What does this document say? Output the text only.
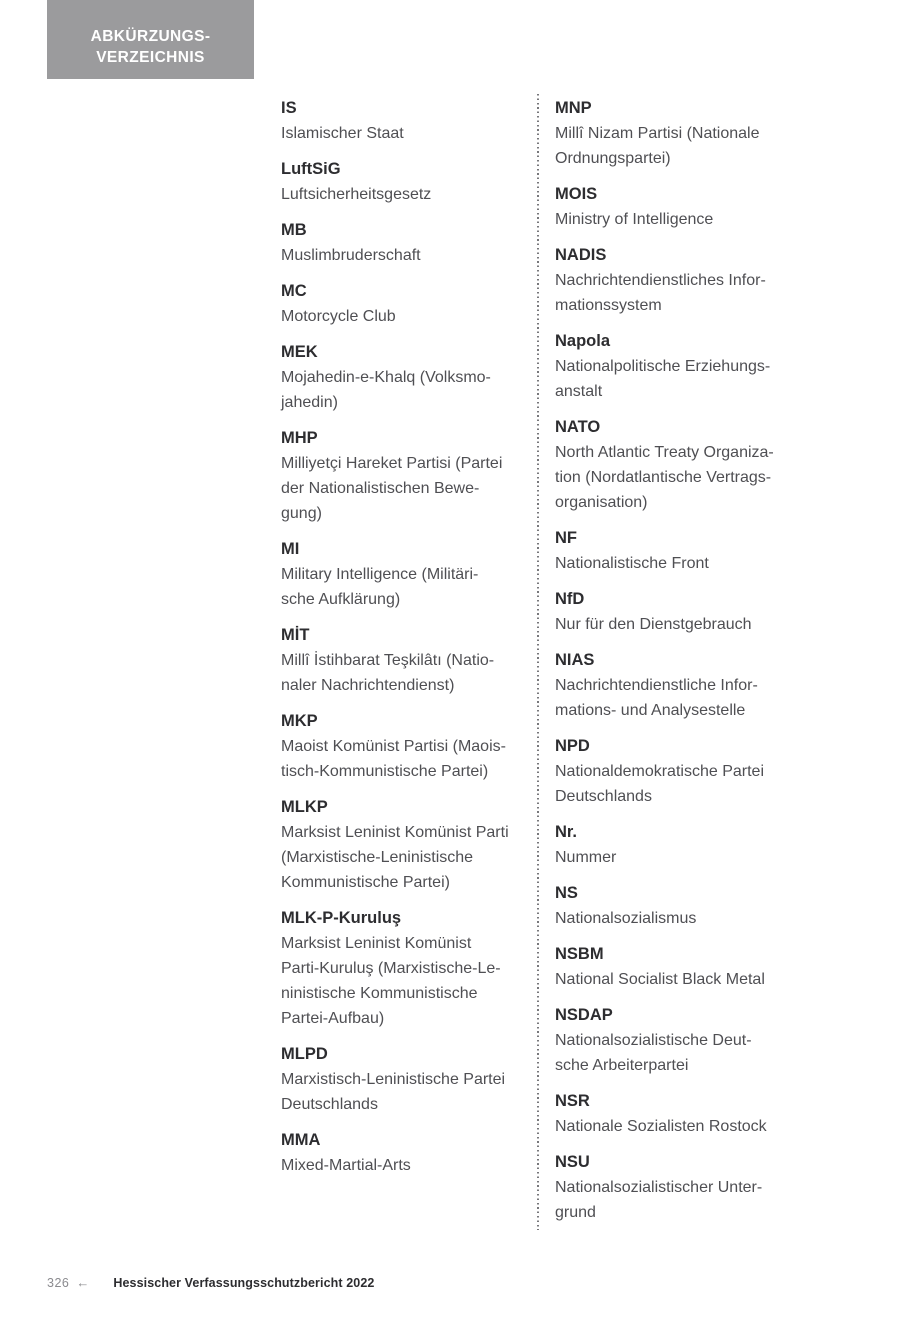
ABKÜRZUNGS-
VERZEICHNIS
IS
Islamischer Staat
LuftSiG
Luftsicherheitsgesetz
MB
Muslimbruderschaft
MC
Motorcycle Club
MEK
Mojahedin-e-Khalq (Volksmo-
jahedin)
MHP
Milliyetçi Hareket Partisi (Partei
der Nationalistischen Bewe-
gung)
MI
Military Intelligence (Militäri-
sche Aufklärung)
MİT
Millî İstihbarat Teşkilâtı (Natio-
naler Nachrichtendienst)
MKP
Maoist Komünist Partisi (Maois-
tisch-Kommunistische Partei)
MLKP
Marksist Leninist Komünist Parti
(Marxistische-Leninistische
Kommunistische Partei)
MLK-P-Kuruluş
Marksist Leninist Komünist
Parti-Kuruluş (Marxistische-Le-
ninistische Kommunistische
Partei-Aufbau)
MLPD
Marxistisch-Leninistische Partei
Deutschlands
MMA
Mixed-Martial-Arts
MNP
Millî Nizam Partisi (Nationale
Ordnungspartei)
MOIS
Ministry of Intelligence
NADIS
Nachrichtendienstliches Infor-
mationssystem
Napola
Nationalpolitische Erziehungs-
anstalt
NATO
North Atlantic Treaty Organiza-
tion (Nordatlantische Vertrags-
organisation)
NF
Nationalistische Front
NfD
Nur für den Dienstgebrauch
NIAS
Nachrichtendienstliche Infor-
mations- und Analysestelle
NPD
Nationaldemokratische Partei
Deutschlands
Nr.
Nummer
NS
Nationalsozialismus
NSBM
National Socialist Black Metal
NSDAP
Nationalsozialistische Deut-
sche Arbeiterpartei
NSR
Nationale Sozialisten Rostock
NSU
Nationalsozialistischer Unter-
grund
326 ← Hessischer Verfassungsschutzbericht 2022
